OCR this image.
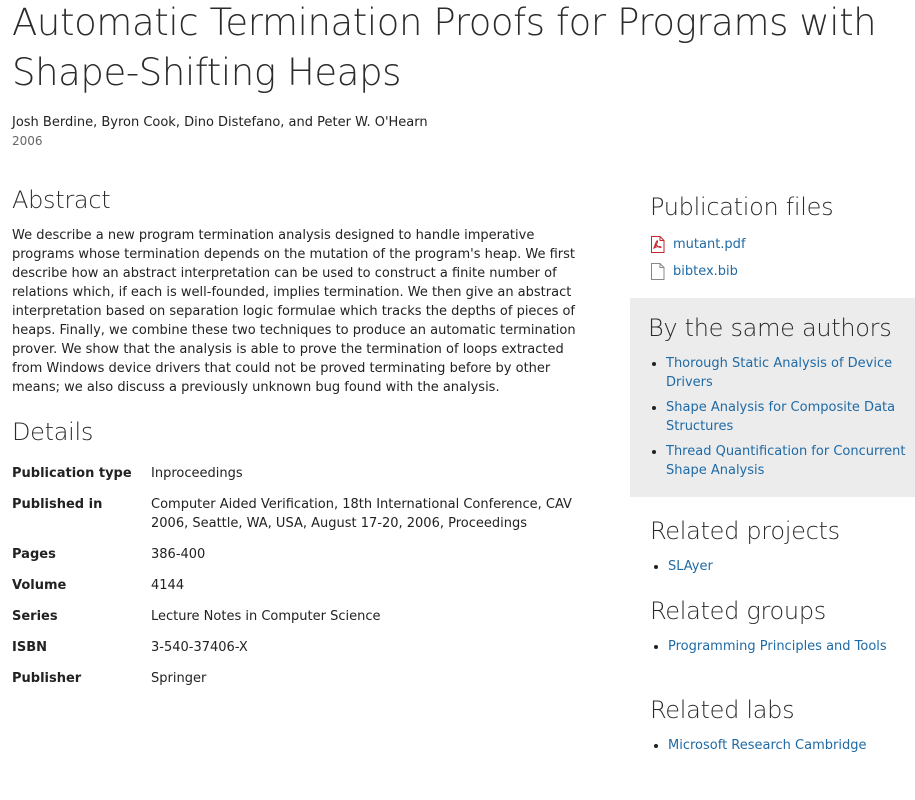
Automatic Termination Proofs for Programs with Shape-Shifting Heaps
Josh Berdine, Byron Cook, Dino Distefano, and Peter W. O'Hearn
2006
Abstract

We describe a new program termination analysis designed to handle imperative programs whose termination depends on the mutation of the program's heap. We first describe how an abstract interpretation can be used to construct a finite number of relations which, if each is well-founded, implies termination. We then give an abstract interpretation based on separation logic formulae which tracks the depths of pieces of heaps. Finally, we combine these two techniques to produce an automatic termination prover. We show that the analysis is able to prove the termination of loops extracted from Windows device drivers that could not be proved terminating before by other means; we also discuss a previously unknown bug found with the analysis.

Details
Publication type	Inproceedings

Published in	Computer Aided Verification, 18th International Conference, CAV 2006, Seattle, WA, USA, August 17-20, 2006, Proceedings

Pages	386-400

Volume	4144

Series	Lecture Notes in Computer Science

ISBN	3-540-37406-X

Publisher	Springer
Publication files
mutant.pdf
bibtex.bib
By the same authors
• Thorough Static Analysis of Device Drivers
• Shape Analysis for Composite Data Structures
• Thread Quantification for Concurrent Shape Analysis
Related projects
• SLAyer
Related groups
• Programming Principles and Tools
Related labs
• Microsoft Research Cambridge
